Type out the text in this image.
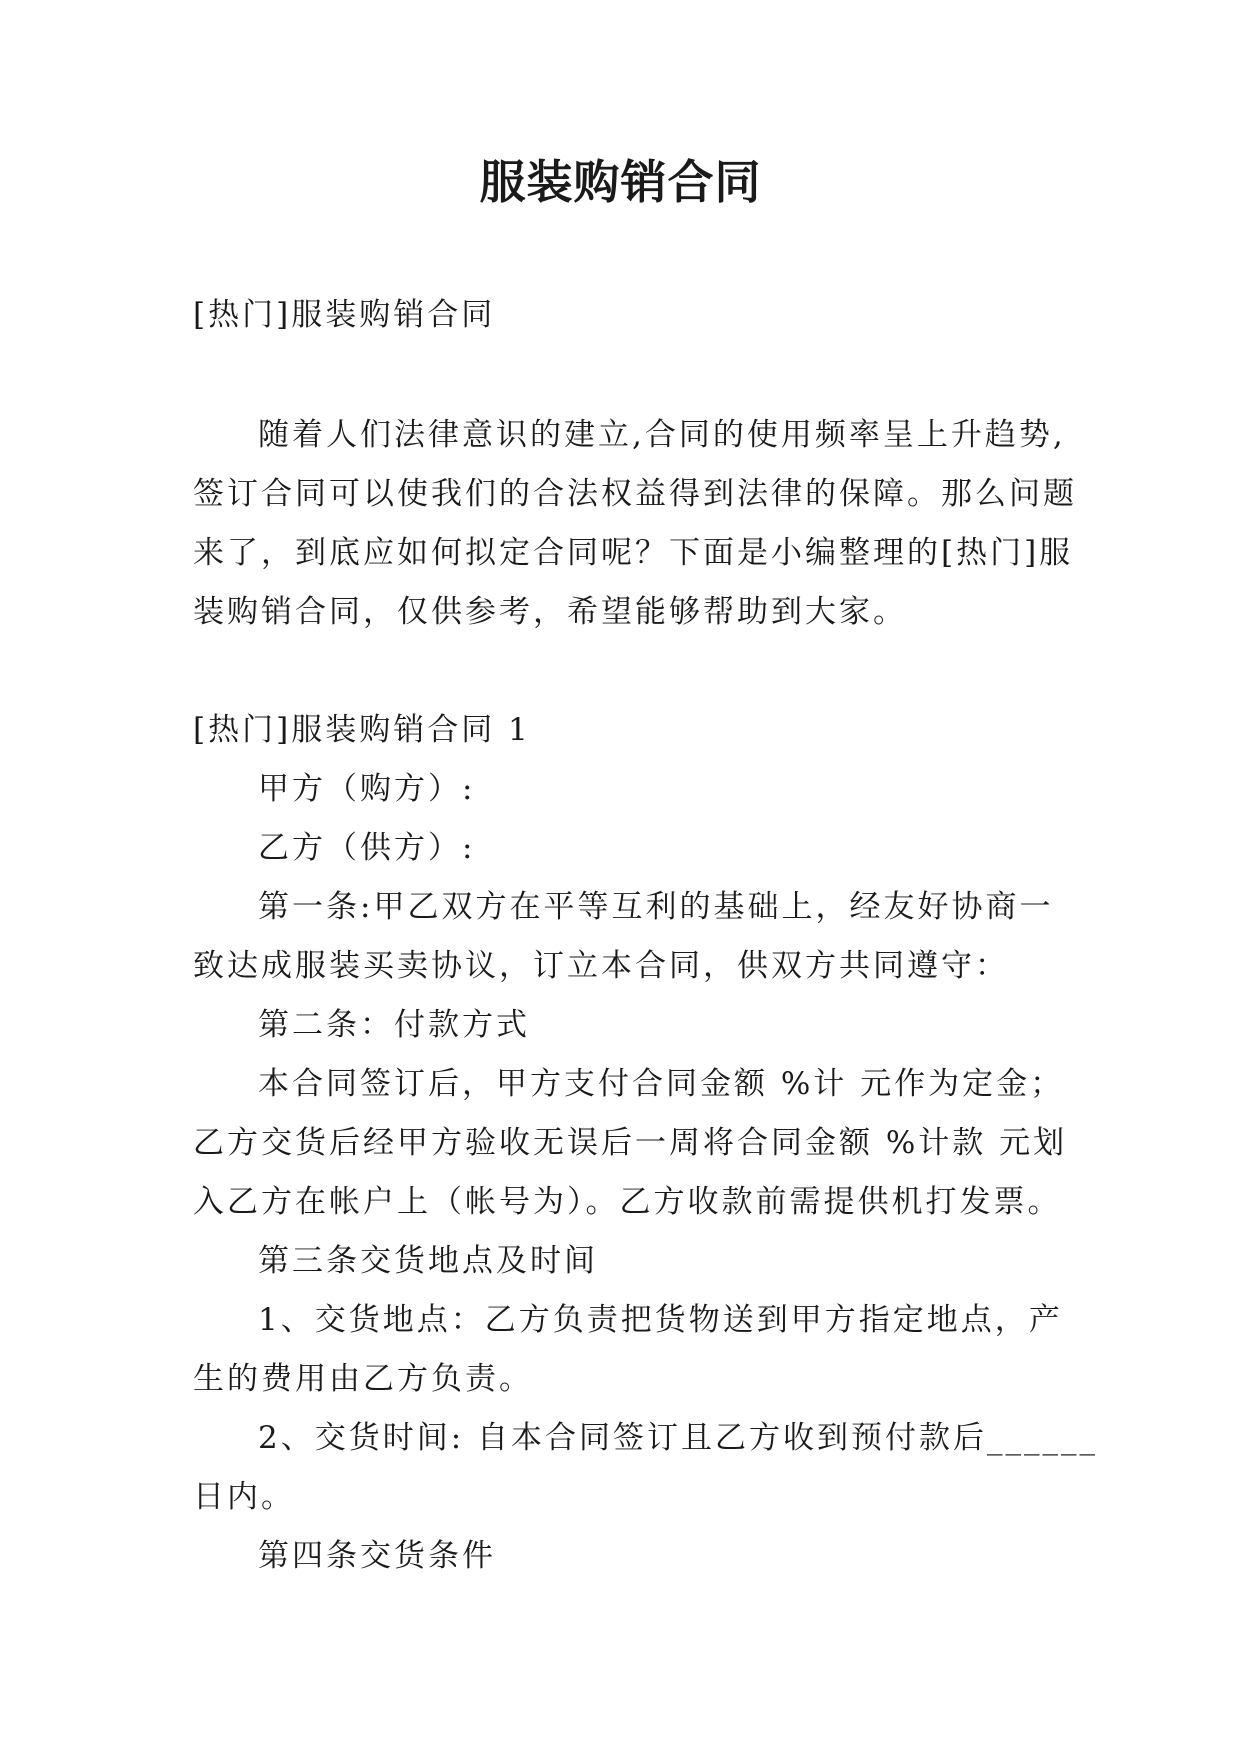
服装购销合同
[热门]服装购销合同
随着人们法律意识的建立,合同的使用频率呈上升趋势,
签订合同可以使我们的合法权益得到法律的保障。那么问题
来了，到底应如何拟定合同呢？下面是小编整理的[热门]服
装购销合同，仅供参考，希望能够帮助到大家。
[热门]服装购销合同 1
甲方（购方）:
乙方（供方）:
第一条:甲乙双方在平等互利的基础上，经友好协商一
致达成服装买卖协议，订立本合同，供双方共同遵守：
第二条：付款方式
本合同签订后，甲方支付合同金额 %计 元作为定金；
乙方交货后经甲方验收无误后一周将合同金额 %计款 元划
入乙方在帐户上（帐号为）。乙方收款前需提供机打发票。
第三条交货地点及时间
1、交货地点：乙方负责把货物送到甲方指定地点，产
生的费用由乙方负责。
2、交货时间: 自本合同签订且乙方收到预付款后______
日内。
第四条交货条件
